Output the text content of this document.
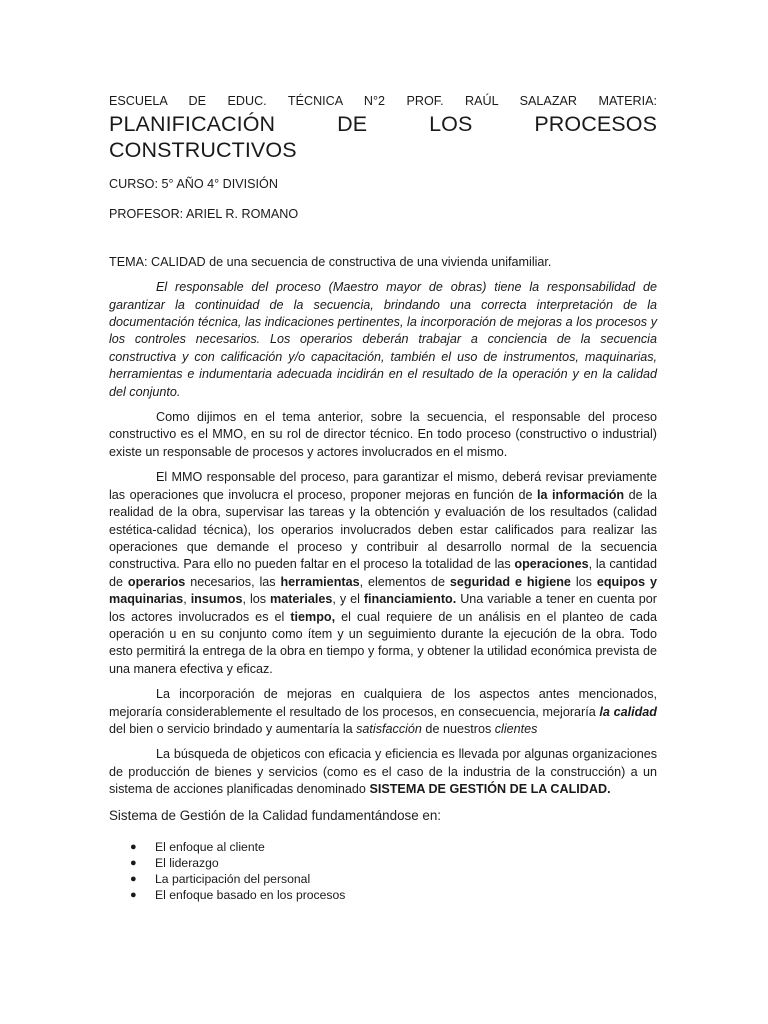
ESCUELA DE EDUC. TÉCNICA N°2 PROF. RAÚL SALAZAR MATERIA:
PLANIFICACIÓN	DE	LOS	PROCESOS
CONSTRUCTIVOS
CURSO: 5° AÑO 4° DIVISIÓN
PROFESOR: ARIEL R. ROMANO
TEMA: CALIDAD de una secuencia de constructiva de una vivienda unifamiliar.

El responsable del proceso (Maestro mayor de obras) tiene la responsabilidad de garantizar la continuidad de la secuencia, brindando una correcta interpretación de la documentación técnica, las indicaciones pertinentes, la incorporación de mejoras a los procesos y los controles necesarios. Los operarios deberán trabajar a conciencia de la secuencia constructiva y con calificación y/o capacitación, también el uso de instrumentos, maquinarias, herramientas e indumentaria adecuada incidirán en el resultado de la operación y en la calidad del conjunto.

Como dijimos en el tema anterior, sobre la secuencia, el responsable del proceso constructivo es el MMO, en su rol de director técnico. En todo proceso (constructivo o industrial) existe un responsable de procesos y actores involucrados en el mismo.

El MMO responsable del proceso, para garantizar el mismo, deberá revisar previamente las operaciones que involucra el proceso, proponer mejoras en función de la información de la realidad de la obra, supervisar las tareas y la obtención y evaluación de los resultados (calidad estética-calidad técnica), los operarios involucrados deben estar calificados para realizar las operaciones que demande el proceso y contribuir al desarrollo normal de la secuencia constructiva. Para ello no pueden faltar en el proceso la totalidad de las operaciones, la cantidad de operarios necesarios, las herramientas, elementos de seguridad e higiene los equipos y maquinarias, insumos, los materiales, y el financiamiento. Una variable a tener en cuenta por los actores involucrados es el tiempo, el cual requiere de un análisis en el planteo de cada operación u en su conjunto como ítem y un seguimiento durante la ejecución de la obra. Todo esto permitirá la entrega de la obra en tiempo y forma, y obtener la utilidad económica prevista de una manera efectiva y eficaz.

La incorporación de mejoras en cualquiera de los aspectos antes mencionados, mejoraría considerablemente el resultado de los procesos, en consecuencia, mejoraría la calidad del bien o servicio brindado y aumentaría la satisfacción de nuestros clientes

La búsqueda de objeticos con eficacia y eficiencia es llevada por algunas organizaciones de producción de bienes y servicios (como es el caso de la industria de la construcción) a un sistema de acciones planificadas denominado SISTEMA DE GESTIÓN DE LA CALIDAD.

Sistema de Gestión de la Calidad fundamentándose en:
● El enfoque al cliente
● El liderazgo
● La participación del personal
● El enfoque basado en los procesos
